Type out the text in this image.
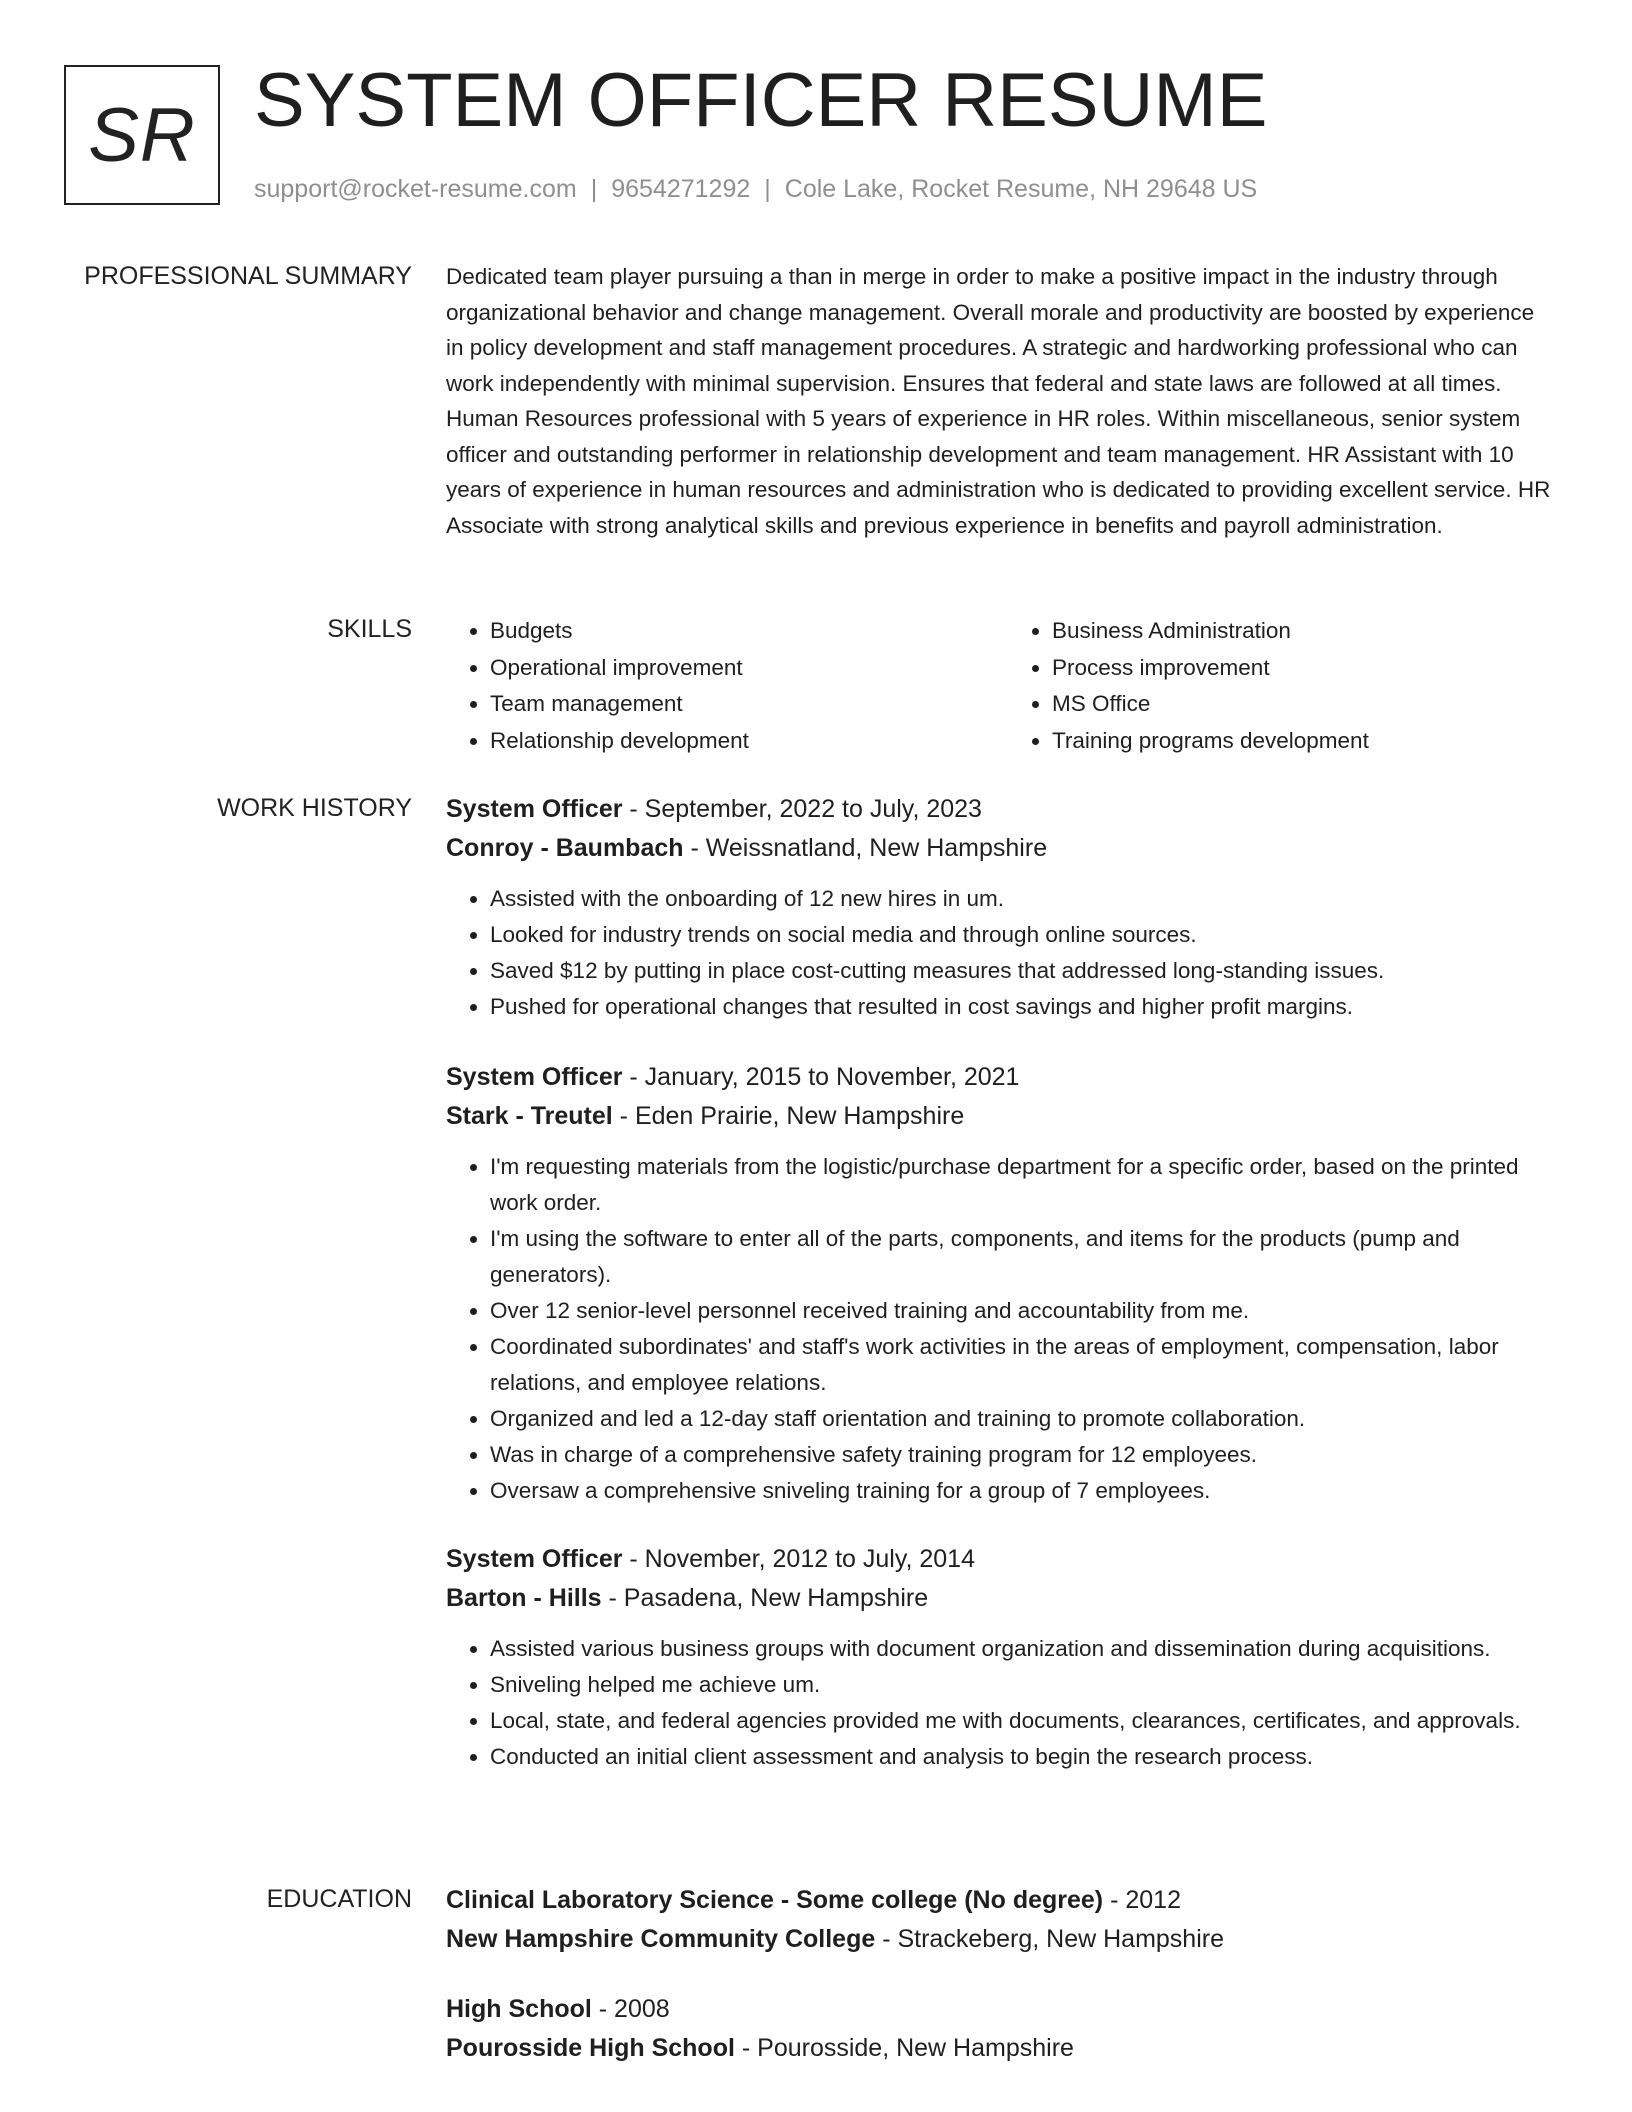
SR SYSTEM OFFICER RESUME
support@rocket-resume.com | 9654271292 | Cole Lake, Rocket Resume, NH 29648 US
PROFESSIONAL SUMMARY Dedicated team player pursuing a than in merge in order to make a positive impact in the industry through organizational behavior and change management. Overall morale and productivity are boosted by experience in policy development and staff management procedures. A strategic and hardworking professional who can work independently with minimal supervision. Ensures that federal and state laws are followed at all times. Human Resources professional with 5 years of experience in HR roles. Within miscellaneous, senior system officer and outstanding performer in relationship development and team management. HR Assistant with 10 years of experience in human resources and administration who is dedicated to providing excellent service. HR Associate with strong analytical skills and previous experience in benefits and payroll administration.

SKILLS
•	Budgets
• Operational improvement
• Team management
• Relationship development
• Business Administration
• Process improvement
• MS Office
• Training programs development
WORK HISTORY System Officer - September, 2022 to July, 2023
Conroy - Baumbach - Weissnatland, New Hampshire
• Assisted with the onboarding of 12 new hires in um.
• Looked for industry trends on social media and through online sources.
• Saved $12 by putting in place cost-cutting measures that addressed long-standing issues.
• Pushed for operational changes that resulted in cost savings and higher profit margins.
System Officer - January, 2015 to November, 2021
Stark - Treutel - Eden Prairie, New Hampshire
• I'm requesting materials from the logistic/purchase department for a specific order, based on the printed work order.
• I'm using the software to enter all of the parts, components, and items for the products (pump and generators).
• Over 12 senior-level personnel received training and accountability from me.
• Coordinated subordinates' and staff's work activities in the areas of employment, compensation, labor relations, and employee relations.
• Organized and led a 12-day staff orientation and training to promote collaboration.
• Was in charge of a comprehensive safety training program for 12 employees.
• Oversaw a comprehensive sniveling training for a group of 7 employees.
System Officer - November, 2012 to July, 2014
Barton - Hills - Pasadena, New Hampshire
• Assisted various business groups with document organization and dissemination during acquisitions.
• Sniveling helped me achieve um.
• Local, state, and federal agencies provided me with documents, clearances, certificates, and approvals.
• Conducted an initial client assessment and analysis to begin the research process.
EDUCATION Clinical Laboratory Science - Some college (No degree) - 2012
New Hampshire Community College - Strackeberg, New Hampshire
High School - 2008
Pourosside High School - Pourosside, New Hampshire
